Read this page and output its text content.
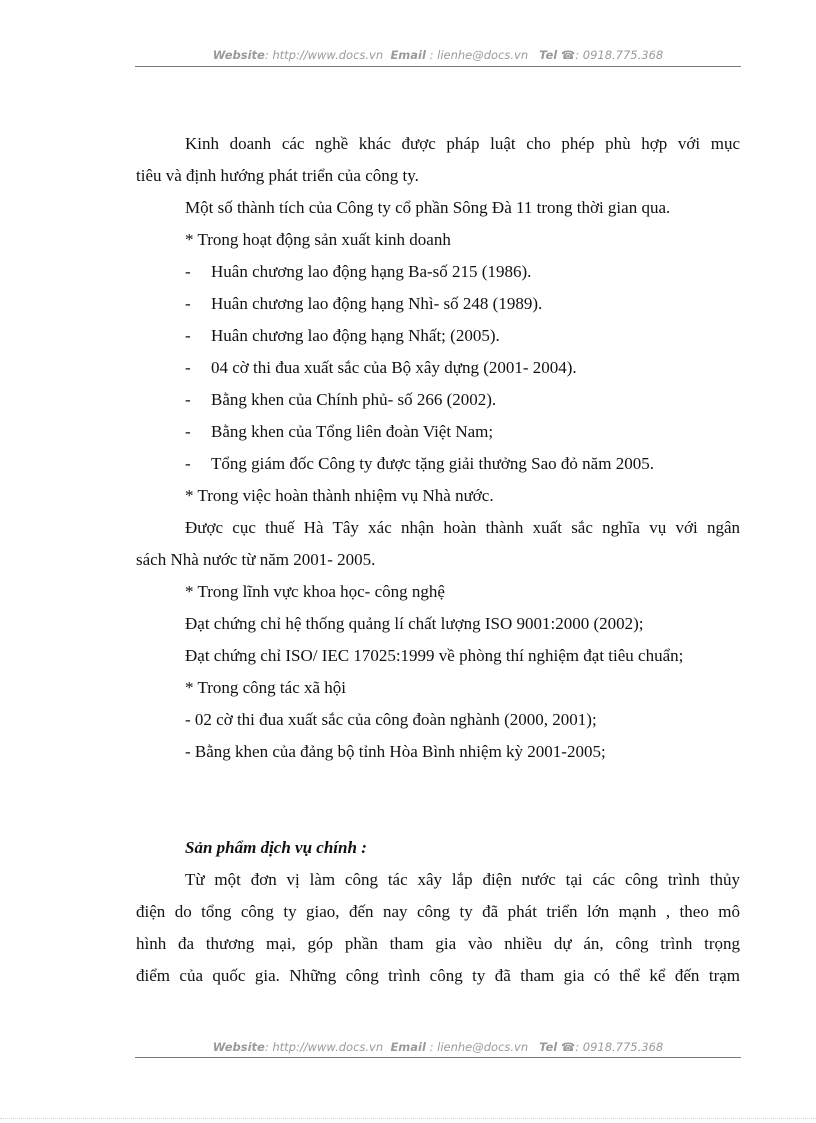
Website: http://www.docs.vn Email : lienhe@docs.vn Tel ☎: 0918.775.368

Kinh doanh các nghề khác được pháp luật cho phép phù hợp với mục

tiêu và định hướng phát triển của công ty.

Một số thành tích của Công ty cổ phần Sông Đà 11 trong thời gian qua.

* Trong hoạt động sản xuất kinh doanh

- Huân chương lao động hạng Ba-số 215 (1986).

- Huân chương lao động hạng Nhì- số 248 (1989).

- Huân chương lao động hạng Nhất; (2005).

- 04 cờ thi đua xuất sắc của Bộ xây dựng (2001- 2004).

- Bằng khen của Chính phủ- số 266 (2002).

- Bằng khen của Tổng liên đoàn Việt Nam;

- Tổng giám đốc Công ty được tặng giải thưởng Sao đỏ năm 2005.

* Trong việc hoàn thành nhiệm vụ Nhà nước.

Được cục thuế Hà Tây xác nhận hoàn thành xuất sắc nghĩa vụ với ngân

sách Nhà nước từ năm 2001- 2005.

* Trong lĩnh vực khoa học- công nghệ

Đạt chứng chỉ hệ thống quảng lí chất lượng ISO 9001:2000 (2002);

Đạt chứng chỉ ISO/ IEC 17025:1999 về phòng thí nghiệm đạt tiêu chuẩn;

* Trong công tác xã hội

- 02 cờ thi đua xuất sắc của công đoàn nghành (2000, 2001);

- Bằng khen của đảng bộ tỉnh Hòa Bình nhiệm kỳ 2001-2005;

Sản phẩm dịch vụ chính :

Từ một đơn vị làm công tác xây lắp điện nước tại các công trình thủy

điện do tổng công ty giao, đến nay công ty đã phát triển lớn mạnh , theo mô

hình đa thương mại, góp phần tham gia vào nhiều dự án, công trình trọng

điểm của quốc gia. Những công trình công ty đã tham gia có thể kể đến trạm

Website: http://www.docs.vn Email : lienhe@docs.vn Tel ☎: 0918.775.368
